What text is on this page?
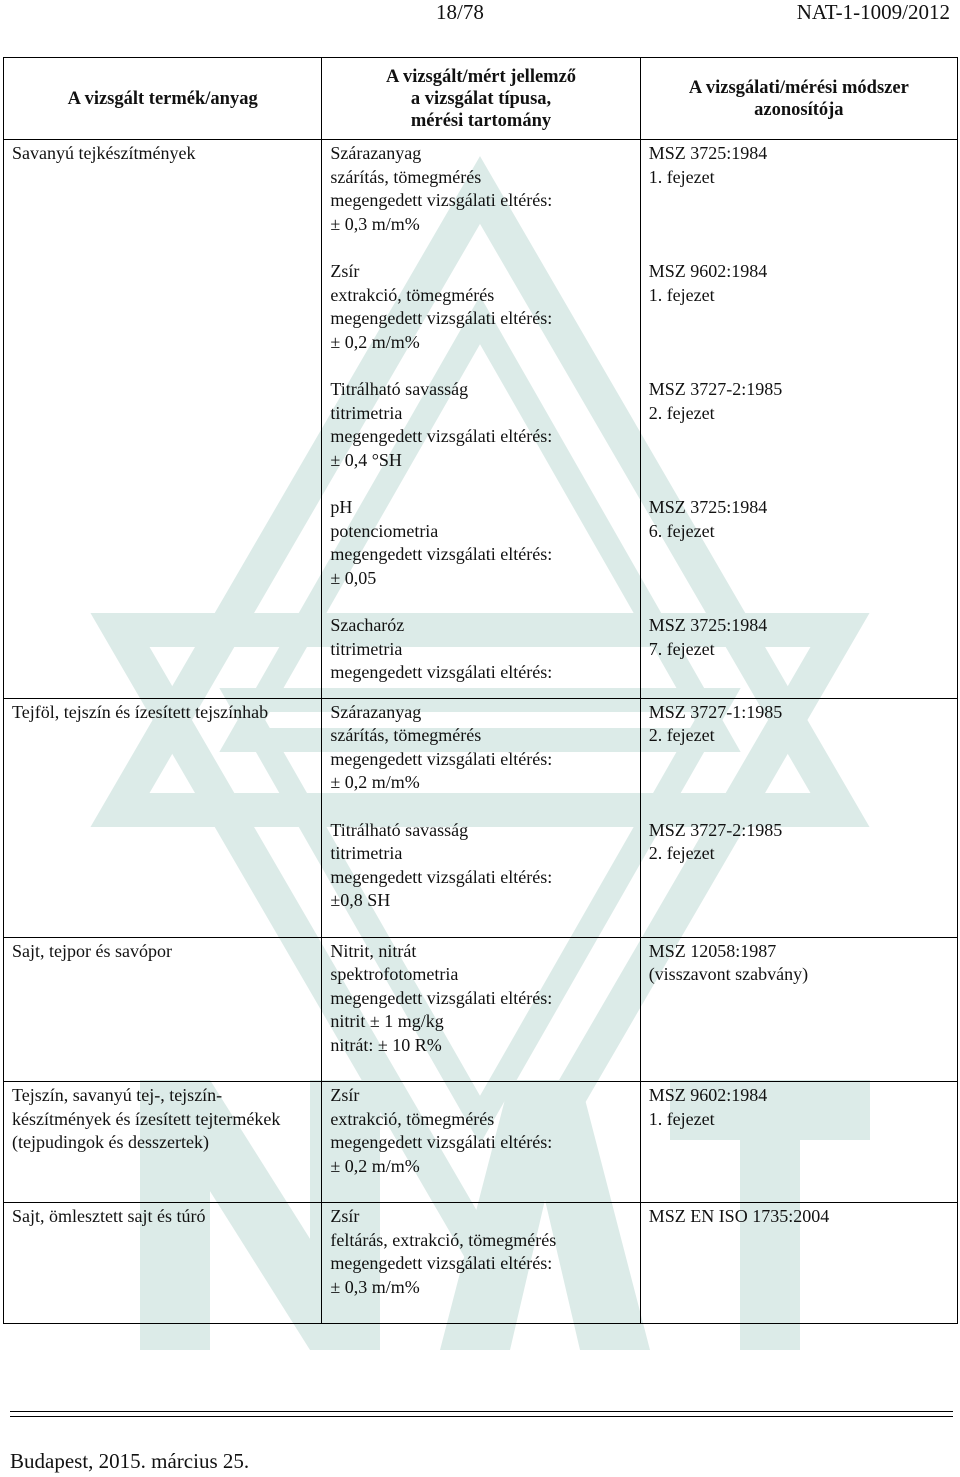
18/78	NAT-1-1009/2012
A vizsgált termék/anyag	A vizsgált/mért jellemző
a vizsgálat típusa,
mérési tartomány	A vizsgálati/mérési módszer
azonosítója

Savanyú tejkészítmények	Szárazanyag
szárítás, tömegmérés
megengedett vizsgálati eltérés:
± 0,3 m/m%	MSZ 3725:1984
1. fejezet

	Zsír
extrakció, tömegmérés
megengedett vizsgálati eltérés:
± 0,2 m/m%	MSZ 9602:1984
1. fejezet

	Titrálható savasság
titrimetria
megengedett vizsgálati eltérés:
± 0,4 °SH	MSZ 3727-2:1985
2. fejezet

	pH
potenciometria
megengedett vizsgálati eltérés:
± 0,05	MSZ 3725:1984
6. fejezet

	Szacharóz
titrimetria
megengedett vizsgálati eltérés:	MSZ 3725:1984
7. fejezet

Tejföl, tejszín és ízesített tejszínhab	Szárazanyag
szárítás, tömegmérés
megengedett vizsgálati eltérés:
± 0,2 m/m%	MSZ 3727-1:1985
2. fejezet

	Titrálható savasság
titrimetria
megengedett vizsgálati eltérés:
±0,8 SH	MSZ 3727-2:1985
2. fejezet

Sajt, tejpor és savópor	Nitrit, nitrát
spektrofotometria
megengedett vizsgálati eltérés:
nitrit ± 1 mg/kg
nitrát: ± 10 R%	MSZ 12058:1987
(visszavont szabvány)

Tejszín, savanyú tej-, tejszín-
készítmények és ízesített tejtermékek
(tejpudingok és desszertek)	Zsír
extrakció, tömegmérés
megengedett vizsgálati eltérés:
± 0,2 m/m%	MSZ 9602:1984
1. fejezet

Sajt, ömlesztett sajt és túró	Zsír
feltárás, extrakció, tömegmérés
megengedett vizsgálati eltérés:
± 0,3 m/m%	MSZ EN ISO 1735:2004
Budapest, 2015. március 25.
